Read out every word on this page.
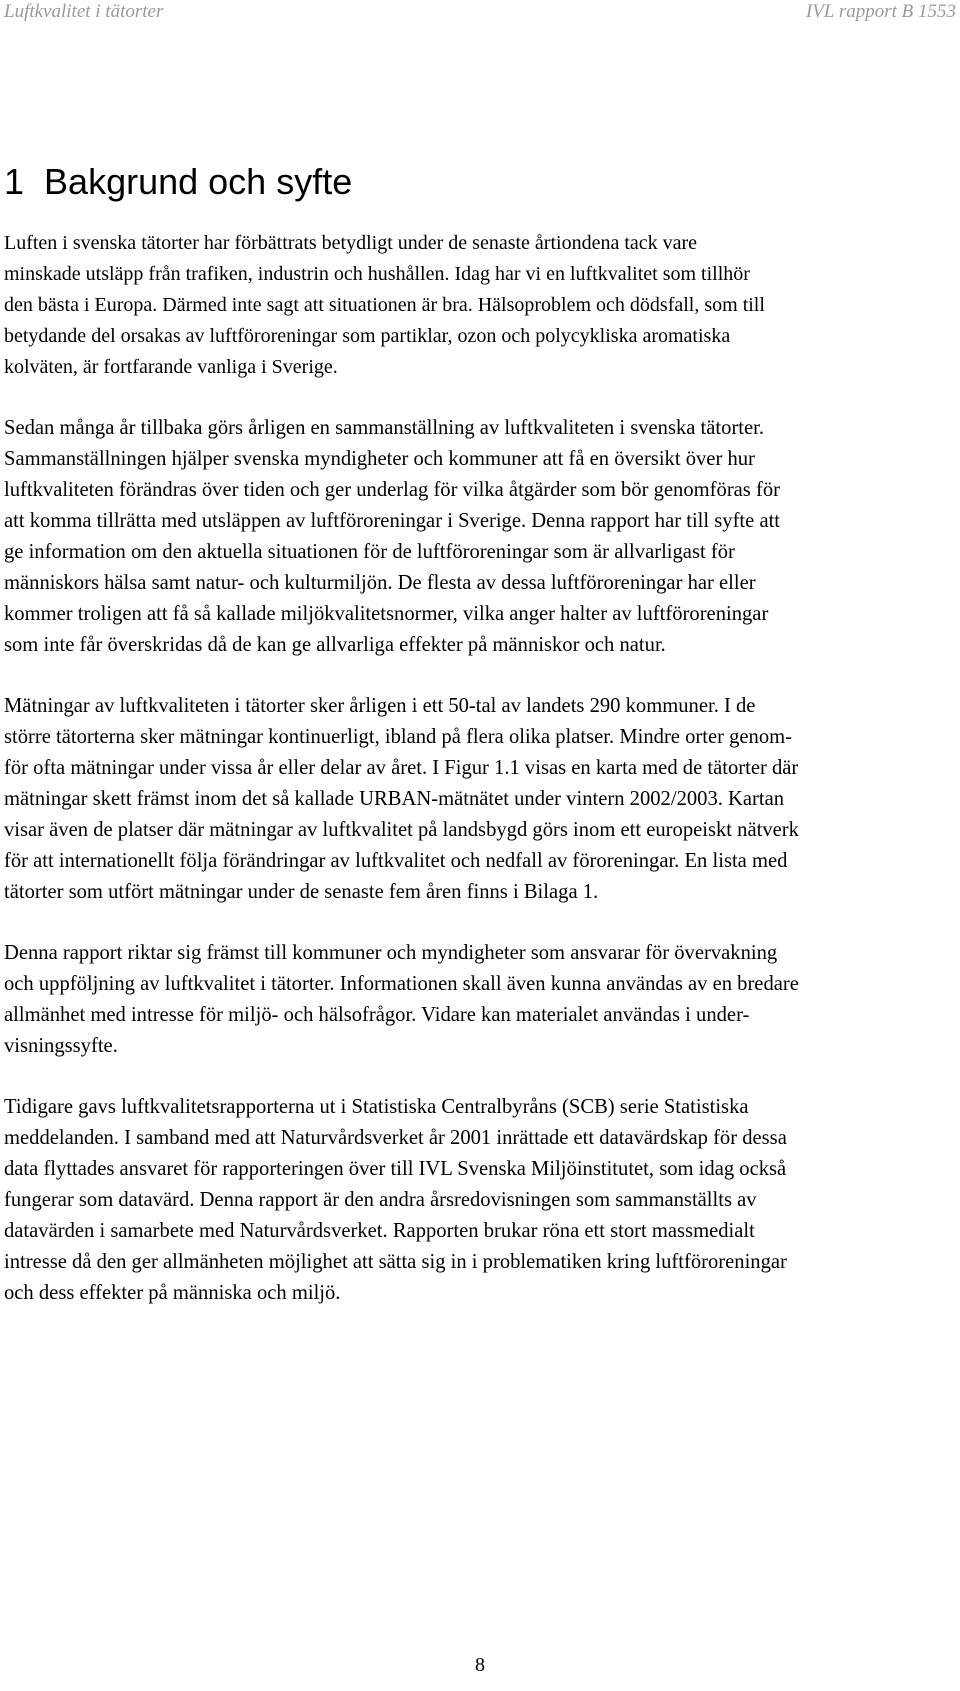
Luftkvalitet i tätorter	IVL rapport B 1553
1 Bakgrund och syfte

Luften i svenska tätorter har förbättrats betydligt under de senaste årtiondena tack vare
minskade utsläpp från trafiken, industrin och hushållen. Idag har vi en luftkvalitet som tillhör
den bästa i Europa. Därmed inte sagt att situationen är bra. Hälsoproblem och dödsfall, som till
betydande del orsakas av luftföroreningar som partiklar, ozon och polycykliska aromatiska
kolväten, är fortfarande vanliga i Sverige.

Sedan många år tillbaka görs årligen en sammanställning av luftkvaliteten i svenska tätorter.
Sammanställningen hjälper svenska myndigheter och kommuner att få en översikt över hur
luftkvaliteten förändras över tiden och ger underlag för vilka åtgärder som bör genomföras för
att komma tillrätta med utsläppen av luftföroreningar i Sverige. Denna rapport har till syfte att
ge information om den aktuella situationen för de luftföroreningar som är allvarligast för
människors hälsa samt natur- och kulturmiljön. De flesta av dessa luftföroreningar har eller
kommer troligen att få så kallade miljökvalitetsnormer, vilka anger halter av luftföroreningar
som inte får överskridas då de kan ge allvarliga effekter på människor och natur.

Mätningar av luftkvaliteten i tätorter sker årligen i ett 50-tal av landets 290 kommuner. I de
större tätorterna sker mätningar kontinuerligt, ibland på flera olika platser. Mindre orter genom-
för ofta mätningar under vissa år eller delar av året. I Figur 1.1 visas en karta med de tätorter där
mätningar skett främst inom det så kallade URBAN-mätnätet under vintern 2002/2003. Kartan
visar även de platser där mätningar av luftkvalitet på landsbygd görs inom ett europeiskt nätverk
för att internationellt följa förändringar av luftkvalitet och nedfall av föroreningar. En lista med
tätorter som utfört mätningar under de senaste fem åren finns i Bilaga 1.

Denna rapport riktar sig främst till kommuner och myndigheter som ansvarar för övervakning
och uppföljning av luftkvalitet i tätorter. Informationen skall även kunna användas av en bredare
allmänhet med intresse för miljö- och hälsofrågor. Vidare kan materialet användas i under-
visningssyfte.

Tidigare gavs luftkvalitetsrapporterna ut i Statistiska Centralbyråns (SCB) serie Statistiska
meddelanden. I samband med att Naturvårdsverket år 2001 inrättade ett datavärdskap för dessa
data flyttades ansvaret för rapporteringen över till IVL Svenska Miljöinstitutet, som idag också
fungerar som datavärd. Denna rapport är den andra årsredovisningen som sammanställts av
datavärden i samarbete med Naturvårdsverket. Rapporten brukar röna ett stort massmedialt
intresse då den ger allmänheten möjlighet att sätta sig in i problematiken kring luftföroreningar
och dess effekter på människa och miljö.

8
